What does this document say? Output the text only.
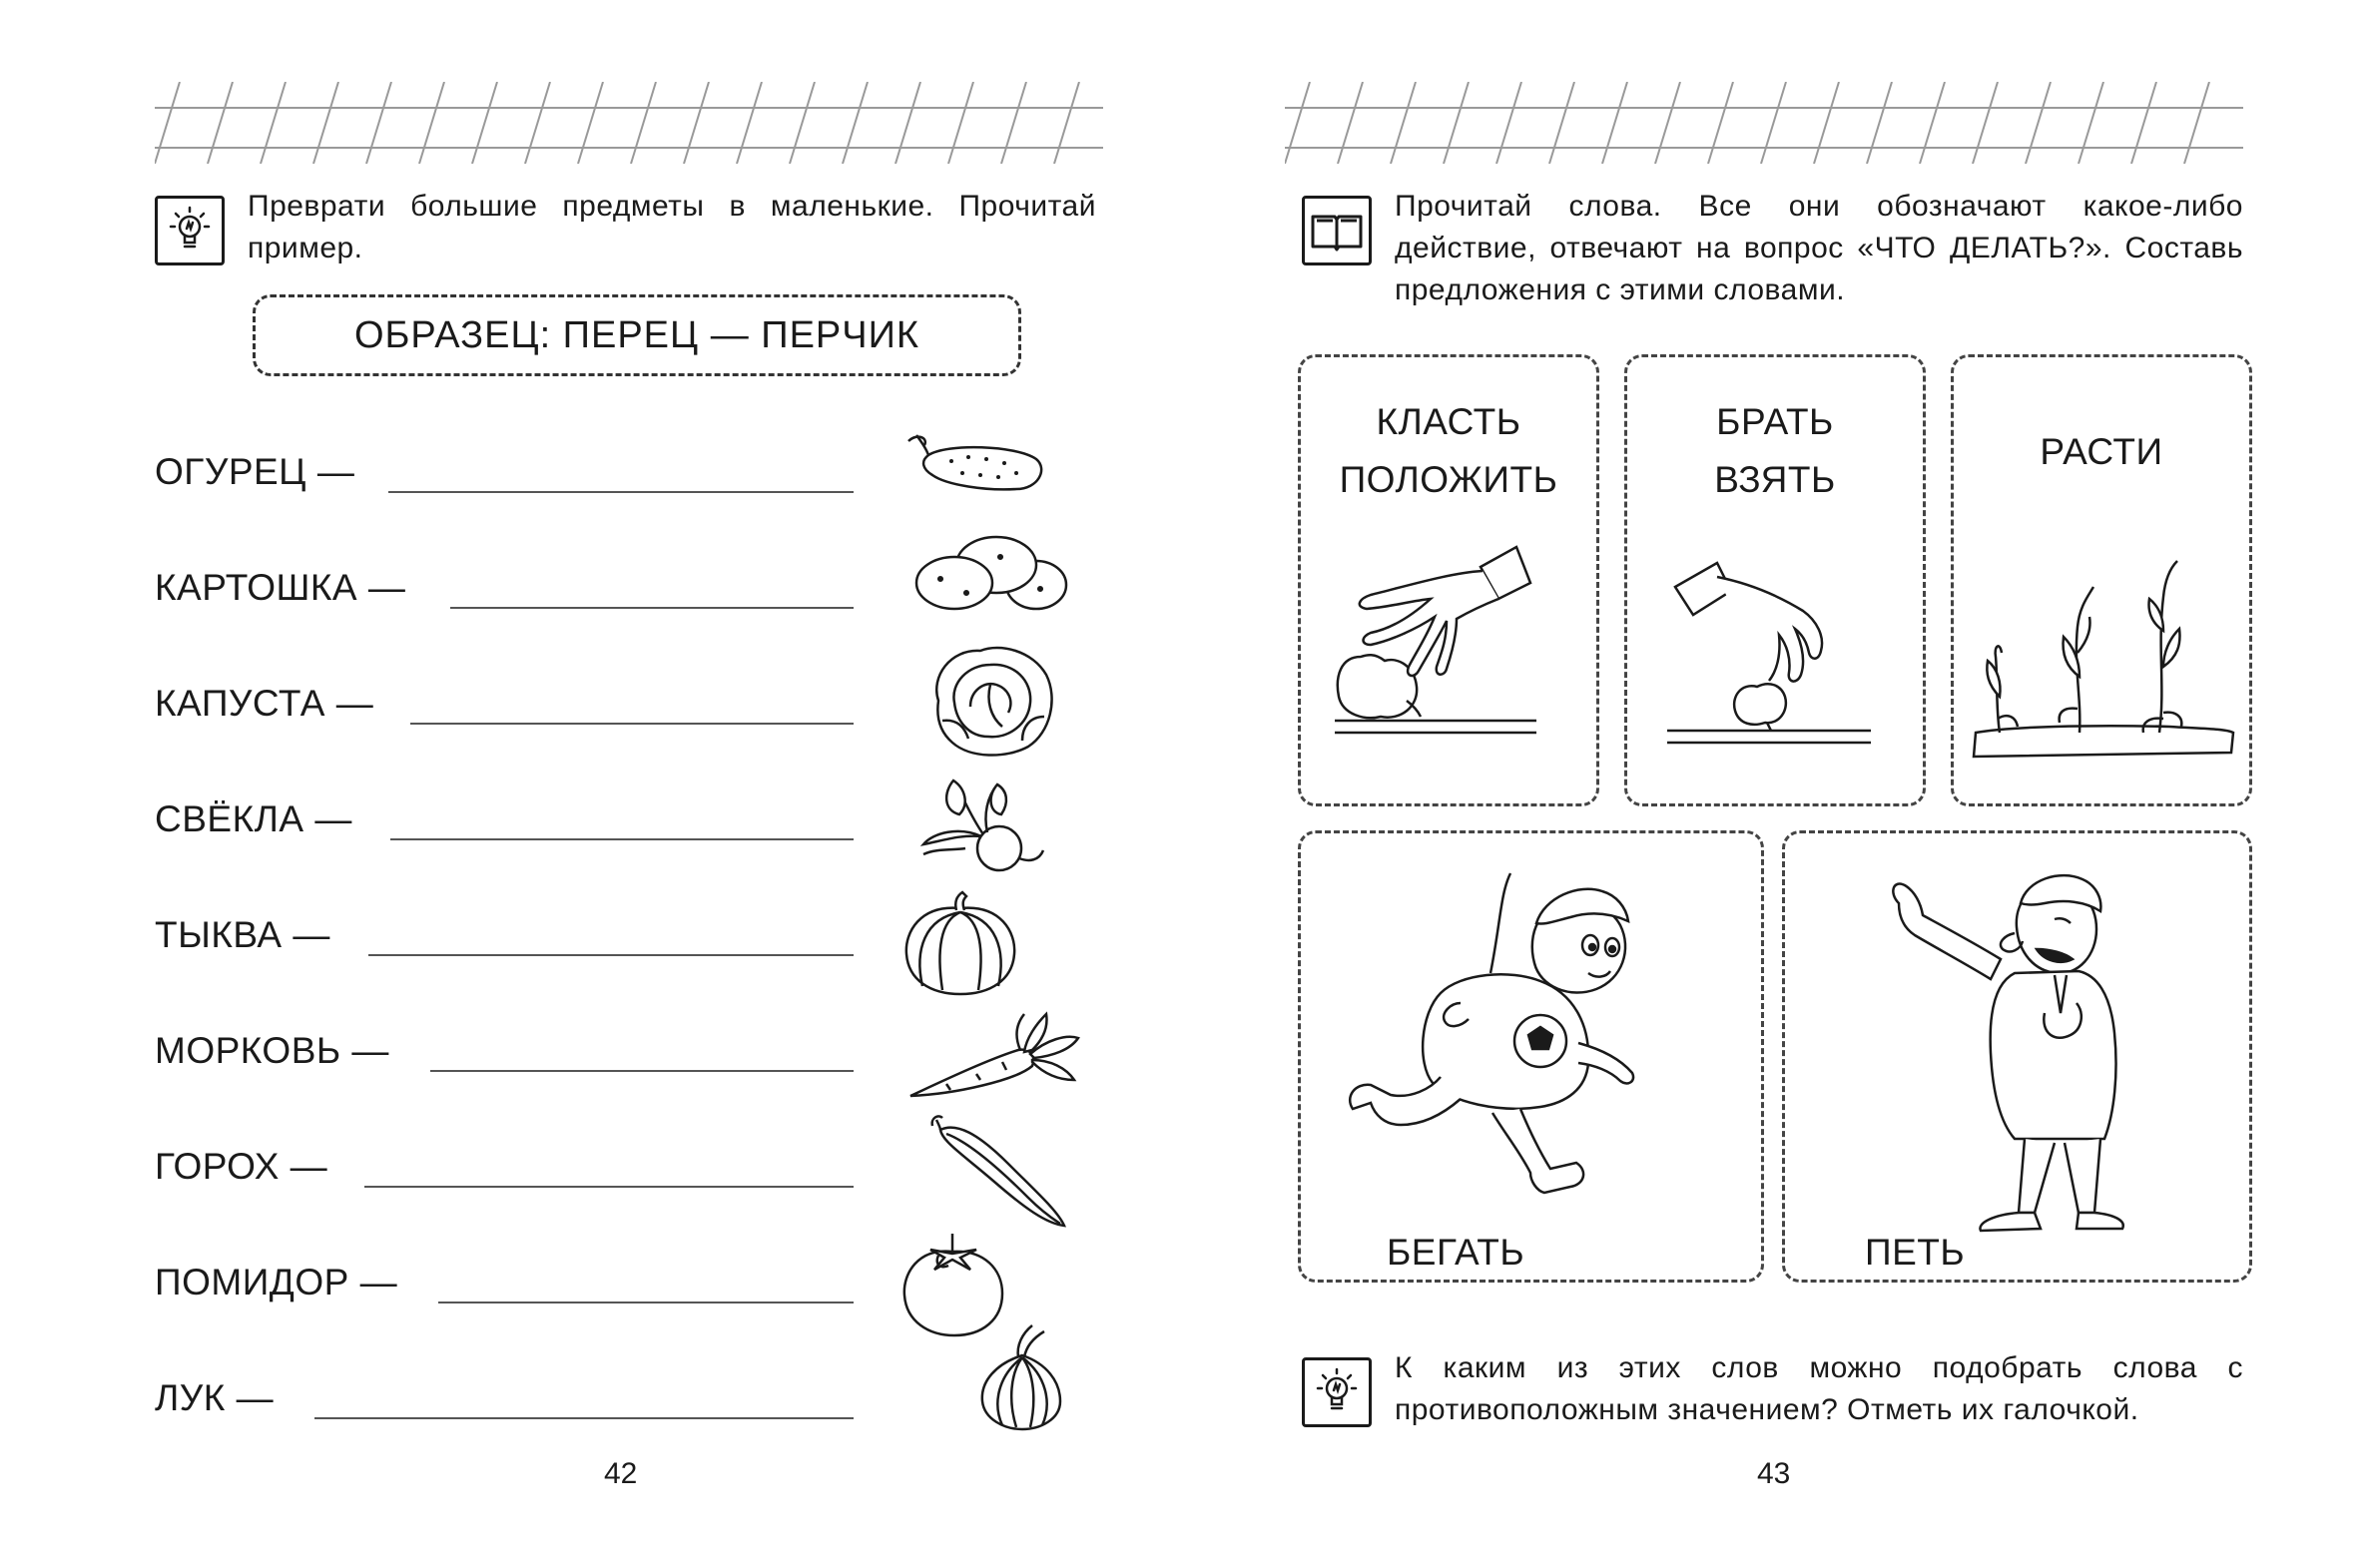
Преврати большие предметы в маленькие. Прочитай пример.
ОБРАЗЕЦ: ПЕРЕЦ — ПЕРЧИК
ОГУРЕЦ —
КАРТОШКА —
КАПУСТА —
СВЁКЛА —
ТЫКВА —
МОРКОВЬ —
ГОРОХ —
ПОМИДОР —
ЛУК —
42
Прочитай слова. Все они обозначают какое-либо действие, отвечают на вопрос «ЧТО ДЕЛАТЬ?». Составь предложения с этими словами.
КЛАСТЬ
ПОЛОЖИТЬ
БРАТЬ
ВЗЯТЬ
РАСТИ
БЕГАТЬ	ПЕТЬ
К каким из этих слов можно подобрать слова с противоположным значением? Отметь их галочкой.
43
